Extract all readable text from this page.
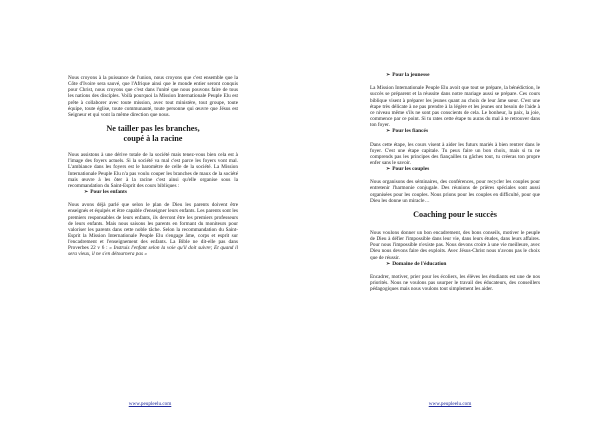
Nous croyons à la puissance de l'union, nous croyons que c'est ensemble que la Côte d'Ivoire sera sauvé, que l'Afrique ainsi que le monde entier seront conquis pour Christ, nous croyons que c'est dans l'unité que nous pouvons faire de tous les nations des disciples. Voilà pourquoi la Mission Internationale Peuple Elu est prête à collaborer avec toute mission, avec tout ministère, tout groupe, toute équipe, toute église, toute communauté, toute personne qui œuvre que Jésus est Seigneur et qui vont la même direction que nous.

Ne tailler pas les branches,
coupé à la racine

Nous assistons à une dérive totale de la société mais tenez-vous bien cela est à l'image des foyers actuels. Si la société va mal c'est parce les foyers vont mal. L'ambiance dans les foyers est le baromètre de celle de la société. La Mission Internationale Peuple Elu n'a pas voulu couper les branches de maux de la société mais œuvre à les ôter à la racine c'est ainsi qu'elle organise sous la recommandation du Saint-Esprit des cours bibliques :

➢ Pour les enfants

Nous avons déjà parlé que selon le plan de Dieu les parents doivent être enseignés et équipés et être capable d'enseigner leurs enfants. Les parents sont les premiers responsables de leurs enfants, ils devront être les premiers professeurs de leurs enfants. Mais nous saisons les parents en formant du moniteurs pour valoriser les parents dans cette noble tâche. Selon la recommandation du Saint-Esprit la Mission Internationale Peuple Elu s'engage âme, corps et esprit sur l'encadrement et l'enseignement des enfants. La Bible ne dit-elle pas dans Proverbes 22 v 6 : « Instruis l'enfant selon la voie qu'il doit suivre; Et quand il sera vieux, il ne s'en détournera pas »

www.peuplеelu.com

➢ Pour la jeunesse

La Mission Internationale Peuple Elu avoit que tout se prépare, la bénédiction, le succès se préparent et la réussite dans notre mariage aussi se prépare. Ces cours biblique visent à préparer les jeunes quant au choix de leur âme sœur. C'est une étape très délicate à ne pas prendre à la légère et les jeunes ont besoin de l'aide à ce niveau même s'ils ne sont pas conscients de cela. Le bonheur, la paix, la joie, commence par ce point. Si tu rates cette étape tu auras du mal à te retrouver dans ton foyer.

➢ Pour les fiancés

Dans cette étape, les cours visent à aider les futurs mariés à bien rentrer dans le foyer. C'est une étape capitale. Tu peux faire un bon choix, mais si tu ne comprends pas les principes des fiançailles tu gâches tout, tu créeras ton propre enfer sans le savoir.

➢ Pour les couples

Nous organisons des séminaires, des conférences, pour recycler les couples pour entretenir l'harmonie conjugale. Des réunions de prières spéciales sont aussi organisées pour les couples. Nous prions pour les couples en difficulté, pour que Dieu les donne un miracle…

Coaching pour le succès

Nous voulons donner un bon encadrement, des bons conseils, motiver le peuple de Dieu à défier l'impossible dans leur vie, dans leurs études, dans leurs affaires. Pour nous l'impossible n'existe pas. Nous devons croire à une vie meilleure, avec Dieu nous devons faire des exploits. Avec Jésus-Christ nous n'avons pas le choix que de réussir.

➢ Domaine de l'éducation

Encadrer, motiver, prier pour les écoliers, les élèves les étudiants est une de nos priorités. Nous ne voulons pas usurper le travail des éducateurs, des conseillers pédagogiques mais nous voulons tout simplement les aider.

www.peuplеelu.com
